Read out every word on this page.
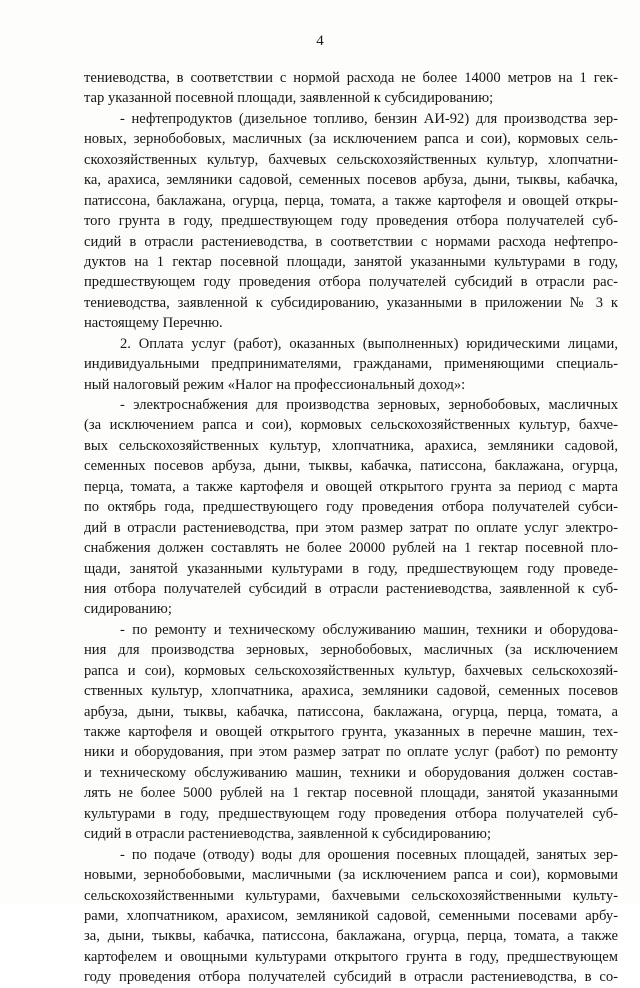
4
тениеводства, в соответствии с нормой расхода не более 14000 метров на 1 гек-
тар указанной посевной площади, заявленной к субсидированию;
- нефтепродуктов (дизельное топливо, бензин АИ-92) для производства зер-
новых, зернобобовых, масличных (за исключением рапса и сои), кормовых сель-
скохозяйственных культур, бахчевых сельскохозяйственных культур, хлопчатни-
ка, арахиса, земляники садовой, семенных посевов арбуза, дыни, тыквы, кабачка,
патиссона, баклажана, огурца, перца, томата, а также картофеля и овощей откры-
того грунта в году, предшествующем году проведения отбора получателей суб-
сидий в отрасли растениеводства, в соответствии с нормами расхода нефтепро-
дуктов на 1 гектар посевной площади, занятой указанными культурами в году,
предшествующем году проведения отбора получателей субсидий в отрасли рас-
тениеводства, заявленной к субсидированию, указанными в приложении № 3 к
настоящему Перечню.
2. Оплата услуг (работ), оказанных (выполненных) юридическими лицами,
индивидуальными предпринимателями, гражданами, применяющими специаль-
ный налоговый режим «Налог на профессиональный доход»:
- электроснабжения для производства зерновых, зернобобовых, масличных
(за исключением рапса и сои), кормовых сельскохозяйственных культур, бахче-
вых сельскохозяйственных культур, хлопчатника, арахиса, земляники садовой,
семенных посевов арбуза, дыни, тыквы, кабачка, патиссона, баклажана, огурца,
перца, томата, а также картофеля и овощей открытого грунта за период с марта
по октябрь года, предшествующего году проведения отбора получателей субси-
дий в отрасли растениеводства, при этом размер затрат по оплате услуг электро-
снабжения должен составлять не более 20000 рублей на 1 гектар посевной пло-
щади, занятой указанными культурами в году, предшествующем году проведе-
ния отбора получателей субсидий в отрасли растениеводства, заявленной к суб-
сидированию;
- по ремонту и техническому обслуживанию машин, техники и оборудова-
ния для производства зерновых, зернобобовых, масличных (за исключением
рапса и сои), кормовых сельскохозяйственных культур, бахчевых сельскохозяй-
ственных культур, хлопчатника, арахиса, земляники садовой, семенных посевов
арбуза, дыни, тыквы, кабачка, патиссона, баклажана, огурца, перца, томата, а
также картофеля и овощей открытого грунта, указанных в перечне машин, тех-
ники и оборудования, при этом размер затрат по оплате услуг (работ) по ремонту
и техническому обслуживанию машин, техники и оборудования должен состав-
лять не более 5000 рублей на 1 гектар посевной площади, занятой указанными
культурами в году, предшествующем году проведения отбора получателей суб-
сидий в отрасли растениеводства, заявленной к субсидированию;
- по подаче (отводу) воды для орошения посевных площадей, занятых зер-
новыми, зернобобовыми, масличными (за исключением рапса и сои), кормовыми
сельскохозяйственными культурами, бахчевыми сельскохозяйственными культу-
рами, хлопчатником, арахисом, земляникой садовой, семенными посевами арбу-
за, дыни, тыквы, кабачка, патиссона, баклажана, огурца, перца, томата, а также
картофелем и овощными культурами открытого грунта в году, предшествующем
году проведения отбора получателей субсидий в отрасли растениеводства, в со-
